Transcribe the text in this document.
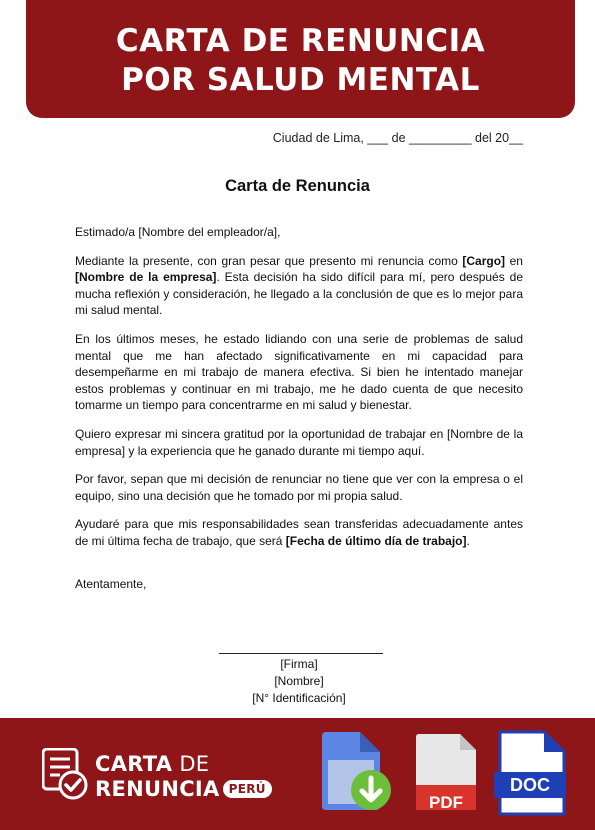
CARTA DE RENUNCIA
POR SALUD MENTAL
Ciudad de Lima, ___ de _________ del 20__
Carta de Renuncia

Estimado/a [Nombre del empleador/a],

Mediante la presente, con gran pesar que presento mi renuncia como [Cargo] en [Nombre de la empresa]. Esta decisión ha sido difícil para mí, pero después de mucha reflexión y consideración, he llegado a la conclusión de que es lo mejor para mi salud mental.

En los últimos meses, he estado lidiando con una serie de problemas de salud mental que me han afectado significativamente en mi capacidad para desempeñarme en mi trabajo de manera efectiva. Si bien he intentado manejar estos problemas y continuar en mi trabajo, me he dado cuenta de que necesito tomarme un tiempo para concentrarme en mi salud y bienestar.

Quiero expresar mi sincera gratitud por la oportunidad de trabajar en [Nombre de la empresa] y la experiencia que he ganado durante mi tiempo aquí.

Por favor, sepan que mi decisión de renunciar no tiene que ver con la empresa o el equipo, sino una decisión que he tomado por mi propia salud.

Ayudaré para que mis responsabilidades sean transferidas adecuadamente antes de mi última fecha de trabajo, que será [Fecha de último día de trabajo].

Atentamente,
[Firma]
[Nombre]
[N° Identificación]
CARTA DE
RENUNCIA PERÚ
PDF
DOC
